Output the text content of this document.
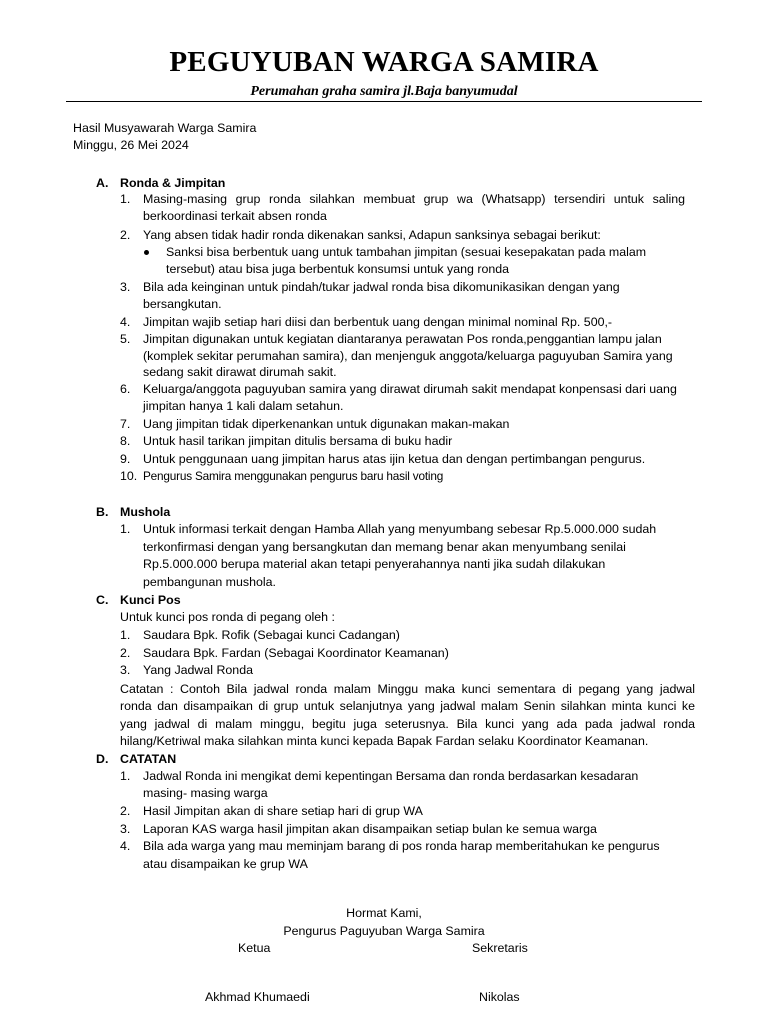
PEGUYUBAN WARGA SAMIRA
Perumahan graha samira jl.Baja banyumudal
Hasil Musyawarah Warga Samira
Minggu, 26 Mei 2024
A. Ronda & Jimpitan
1. Masing-masing grup ronda silahkan membuat grup wa (Whatsapp) tersendiri untuk saling
berkoordinasi terkait absen ronda
2. Yang absen tidak hadir ronda dikenakan sanksi, Adapun sanksinya sebagai berikut:
Sanksi bisa berbentuk uang untuk tambahan jimpitan (sesuai kesepakatan pada malam
tersebut) atau bisa juga berbentuk konsumsi untuk yang ronda
3. Bila ada keinginan untuk pindah/tukar jadwal ronda bisa dikomunikasikan dengan yang
bersangkutan.
4. Jimpitan wajib setiap hari diisi dan berbentuk uang dengan minimal nominal Rp. 500,-
5. Jimpitan digunakan untuk kegiatan diantaranya perawatan Pos ronda,penggantian lampu jalan
(komplek sekitar perumahan samira), dan menjenguk anggota/keluarga paguyuban Samira yang
sedang sakit dirawat dirumah sakit.
6. Keluarga/anggota paguyuban samira yang dirawat dirumah sakit mendapat konpensasi dari uang
jimpitan hanya 1 kali dalam setahun.
7. Uang jimpitan tidak diperkenankan untuk digunakan makan-makan
8. Untuk hasil tarikan jimpitan ditulis bersama di buku hadir
9. Untuk penggunaan uang jimpitan harus atas ijin ketua dan dengan pertimbangan pengurus.
10. Pengurus Samira menggunakan pengurus baru hasil voting
B. Mushola
1. Untuk informasi terkait dengan Hamba Allah yang menyumbang sebesar Rp.5.000.000 sudah
terkonfirmasi dengan yang bersangkutan dan memang benar akan menyumbang senilai
Rp.5.000.000 berupa material akan tetapi penyerahannya nanti jika sudah dilakukan
pembangunan mushola.
C. Kunci Pos
Untuk kunci pos ronda di pegang oleh :
1. Saudara Bpk. Rofik (Sebagai kunci Cadangan)
2. Saudara Bpk. Fardan (Sebagai Koordinator Keamanan)
3. Yang Jadwal Ronda
Catatan : Contoh Bila jadwal ronda malam Minggu maka kunci sementara di pegang yang jadwal
ronda dan disampaikan di grup untuk selanjutnya yang jadwal malam Senin silahkan minta kunci ke
yang jadwal di malam minggu, begitu juga seterusnya. Bila kunci yang ada pada jadwal ronda
hilang/Ketriwal maka silahkan minta kunci kepada Bapak Fardan selaku Koordinator Keamanan.
D. CATATAN
1. Jadwal Ronda ini mengikat demi kepentingan Bersama dan ronda berdasarkan kesadaran
masing- masing warga
2. Hasil Jimpitan akan di share setiap hari di grup WA
3. Laporan KAS warga hasil jimpitan akan disampaikan setiap bulan ke semua warga
4. Bila ada warga yang mau meminjam barang di pos ronda harap memberitahukan ke pengurus
atau disampaikan ke grup WA
Hormat Kami,
Pengurus Paguyuban Warga Samira
Ketua	Sekretaris
Akhmad Khumaedi	Nikolas
